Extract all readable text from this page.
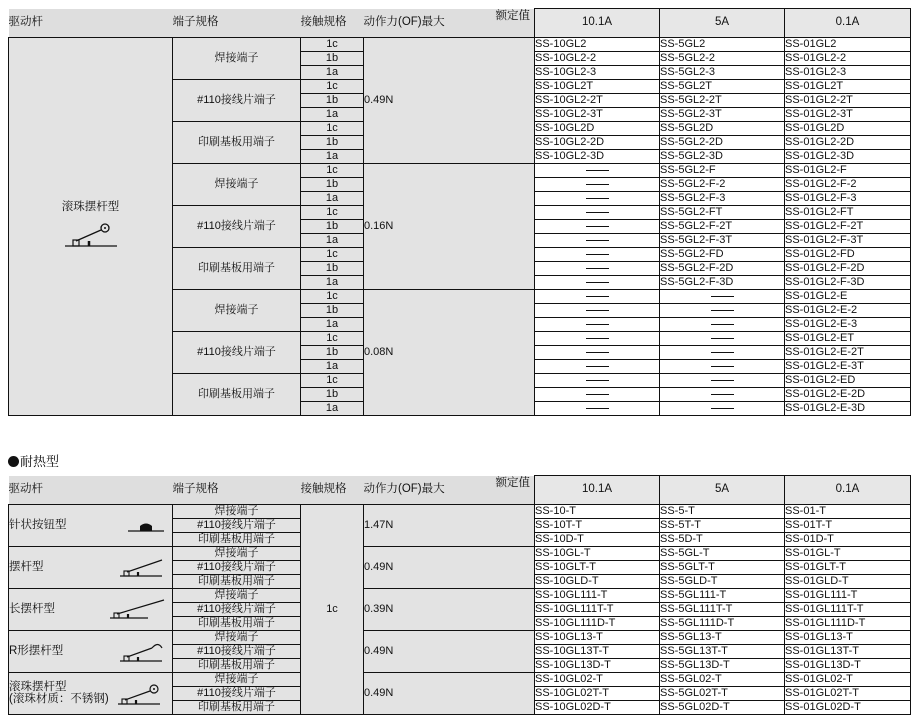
驱动杆	端子规格	接触规格	动作力(OF)最大
额定值	10.1A	5A	0.1A

滚珠摆杆型	焊接端子	1c	0.49N	SS-10GL2	SS-5GL2	SS-01GL2
		1b		SS-10GL2-2	SS-5GL2-2	SS-01GL2-2
		1a		SS-10GL2-3	SS-5GL2-3	SS-01GL2-3
	#110接线片端子	1c		SS-10GL2T	SS-5GL2T	SS-01GL2T
		1b		SS-10GL2-2T	SS-5GL2-2T	SS-01GL2-2T
		1a		SS-10GL2-3T	SS-5GL2-3T	SS-01GL2-3T
	印刷基板用端子	1c		SS-10GL2D	SS-5GL2D	SS-01GL2D
		1b		SS-10GL2-2D	SS-5GL2-2D	SS-01GL2-2D
		1a		SS-10GL2-3D	SS-5GL2-3D	SS-01GL2-3D
	焊接端子	1c	0.16N		SS-5GL2-F	SS-01GL2-F
		1b			SS-5GL2-F-2	SS-01GL2-F-2
		1a			SS-5GL2-F-3	SS-01GL2-F-3
	#110接线片端子	1c			SS-5GL2-FT	SS-01GL2-FT
		1b			SS-5GL2-F-2T	SS-01GL2-F-2T
		1a			SS-5GL2-F-3T	SS-01GL2-F-3T
	印刷基板用端子	1c			SS-5GL2-FD	SS-01GL2-FD
		1b			SS-5GL2-F-2D	SS-01GL2-F-2D
		1a			SS-5GL2-F-3D	SS-01GL2-F-3D
	焊接端子	1c	0.08N			SS-01GL2-E
		1b				SS-01GL2-E-2
		1a				SS-01GL2-E-3
	#110接线片端子	1c				SS-01GL2-ET
		1b				SS-01GL2-E-2T
		1a				SS-01GL2-E-3T
	印刷基板用端子	1c				SS-01GL2-ED
		1b				SS-01GL2-E-2D
		1a				SS-01GL2-E-3D
耐热型
驱动杆	端子规格	接触规格	动作力(OF)最大
额定值	10.1A	5A	0.1A
针状按钮型	焊接端子	1c	1.47N	SS-10-T	SS-5-T	SS-01-T
	#110接线片端子			SS-10T-T	SS-5T-T	SS-01T-T
	印刷基板用端子			SS-10D-T	SS-5D-T	SS-01D-T
摆杆型	焊接端子		0.49N	SS-10GL-T	SS-5GL-T	SS-01GL-T
	#110接线片端子			SS-10GLT-T	SS-5GLT-T	SS-01GLT-T
	印刷基板用端子			SS-10GLD-T	SS-5GLD-T	SS-01GLD-T
长摆杆型	焊接端子		0.39N	SS-10GL111-T	SS-5GL111-T	SS-01GL111-T
	#110接线片端子			SS-10GL111T-T	SS-5GL111T-T	SS-01GL111T-T
	印刷基板用端子			SS-10GL111D-T	SS-5GL111D-T	SS-01GL111D-T
R形摆杆型	焊接端子		0.49N	SS-10GL13-T	SS-5GL13-T	SS-01GL13-T
	#110接线片端子			SS-10GL13T-T	SS-5GL13T-T	SS-01GL13T-T
	印刷基板用端子			SS-10GL13D-T	SS-5GL13D-T	SS-01GL13D-T
滚珠摆杆型
(滚珠材质：不锈钢)	焊接端子		0.49N	SS-10GL02-T	SS-5GL02-T	SS-01GL02-T
	#110接线片端子			SS-10GL02T-T	SS-5GL02T-T	SS-01GL02T-T
	印刷基板用端子			SS-10GL02D-T	SS-5GL02D-T	SS-01GL02D-T
